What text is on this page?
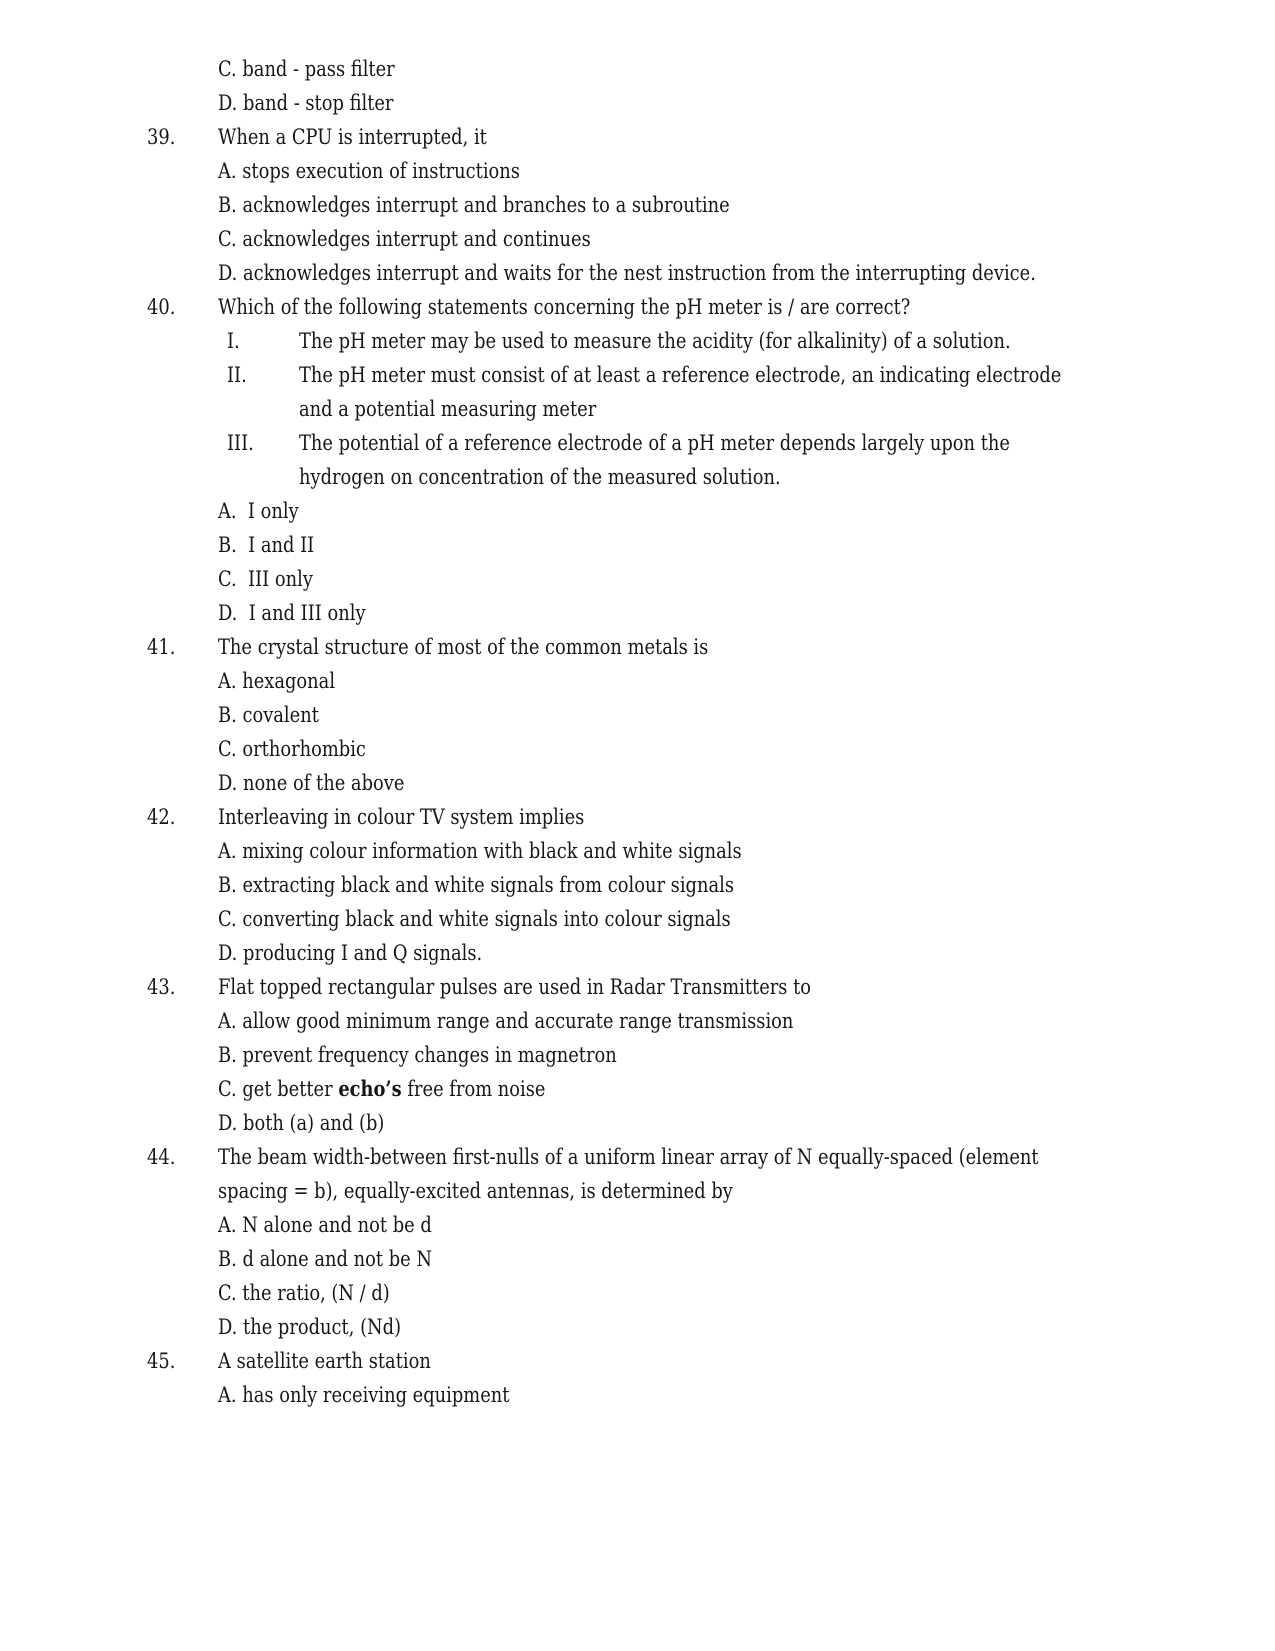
C. band - pass filter
D. band - stop filter
39. When a CPU is interrupted, it
A. stops execution of instructions
B. acknowledges interrupt and branches to a subroutine
C. acknowledges interrupt and continues
D. acknowledges interrupt and waits for the nest instruction from the interrupting device.
40. Which of the following statements concerning the pH meter is / are correct?
I.	The pH meter may be used to measure the acidity (for alkalinity) of a solution.
II. The pH meter must consist of at least a reference electrode, an indicating electrode
and a potential measuring meter
III. The potential of a reference electrode of a pH meter depends largely upon the
hydrogen on concentration of the measured solution.
A.  I only
B.  I and II
C.  III only
D.  I and III only
41. The crystal structure of most of the common metals is
A. hexagonal
B. covalent
C. orthorhombic
D. none of the above
42. Interleaving in colour TV system implies
A. mixing colour information with black and white signals
B. extracting black and white signals from colour signals
C. converting black and white signals into colour signals
D. producing I and Q signals.
43. Flat topped rectangular pulses are used in Radar Transmitters to
A. allow good minimum range and accurate range transmission
B. prevent frequency changes in magnetron
C. get better echo’s free from noise
D. both (a) and (b)
44. The beam width-between first-nulls of a uniform linear array of N equally-spaced (element
spacing = b), equally-excited antennas, is determined by
A. N alone and not be d
B. d alone and not be N
C. the ratio, (N / d)
D. the product, (Nd)
45. A satellite earth station
A. has only receiving equipment
